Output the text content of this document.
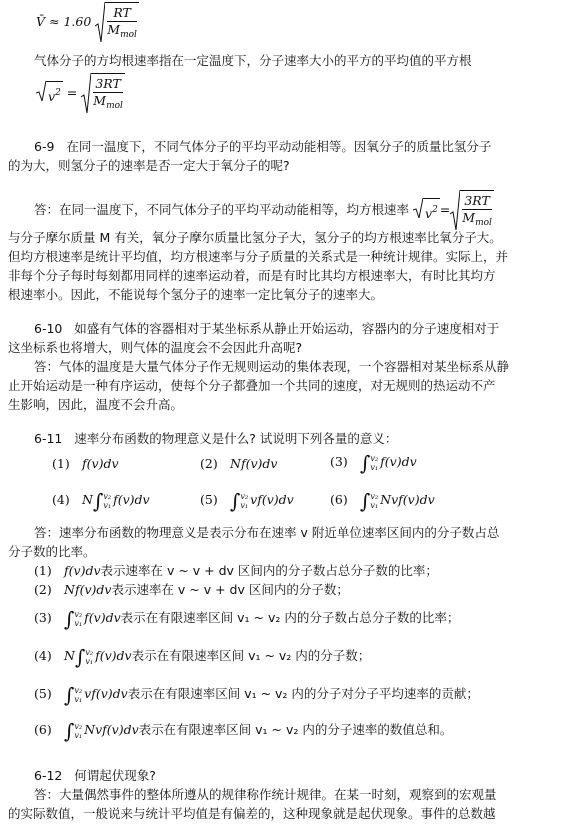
V̄ ≈ $1.60 \frac{RT}{M_{mol}}$
气体分子的方均根速率指在一定温度下，分子速率大小的平方的平均值的平方根
$v^2 = \frac{3RT}{M_{mol}}$
6-9 在同一温度下，不同气体分子的平均平动动能相等。因氧分子的质量比氢分子
的为大，则氢分子的速率是否一定大于氧分子的呢?
答：在同一温度下，不同气体分子的平均平动动能相等，均方根速率 $v^2 = \frac{3RT}{M_{mol}}$
与分子摩尔质量 M 有关，氧分子摩尔质量比氢分子大，氢分子的均方根速率比氧分子大。
但均方根速率是统计平均值，均方根速率与分子质量的关系式是一种统计规律。实际上，并
非每个分子每时每刻都用同样的速率运动着，而是有时比其均方根速率大，有时比其均方
根速率小。因此，不能说每个氢分子的速率一定比氧分子的速率大。
6-10 如盛有气体的容器相对于某坐标系从静止开始运动，容器内的分子速度相对于
这坐标系也将增大，则气体的温度会不会因此升高呢?
答：气体的温度是大量气体分子作无规则运动的集体表现，一个容器相对某坐标系从静
止开始运动是一种有序运动，使每个分子都叠加一个共同的速度，对无规则的热运动不产
生影响，因此，温度不会升高。
6-11 速率分布函数的物理意义是什么? 试说明下列各量的意义：
(1) f(v)dv	(2) Nf(v)dv	(3) ∫v₂
v₁ f(v)dv
(4) N∫v₂
v₁ f(v)dv	(5) ∫v₂
v₁ vf(v)dv	(6) ∫v₂
v₁ Nvf(v)dv
答：速率分布函数的物理意义是表示分布在速率 v 附近单位速率区间内的分子数占总
分子数的比率。
(1) f(v)dv表示速率在 v ~ v + dv 区间内的分子数占总分子数的比率；
(2) Nf(v)dv表示速率在 v ~ v + dv 区间内的分子数；
(3) ∫v₂
v₁ f(v)dv表示在有限速率区间 v₁ ~ v₂ 内的分子数占总分子数的比率；
(4) N∫v₂
v₁ f(v)dv表示在有限速率区间 v₁ ~ v₂ 内的分子数；
(5) ∫v₂
v₁ vf(v)dv表示在有限速率区间 v₁ ~ v₂ 内的分子对分子平均速率的贡献；
(6) ∫v₂
v₁ Nvf(v)dv表示在有限速率区间 v₁ ~ v₂ 内的分子速率的数值总和。
6-12 何谓起伏现象?
答：大量偶然事件的整体所遵从的规律称作统计规律。在某一时刻，观察到的宏观量
的实际数值，一般说来与统计平均值是有偏差的，这种现象就是起伏现象。事件的总数越
